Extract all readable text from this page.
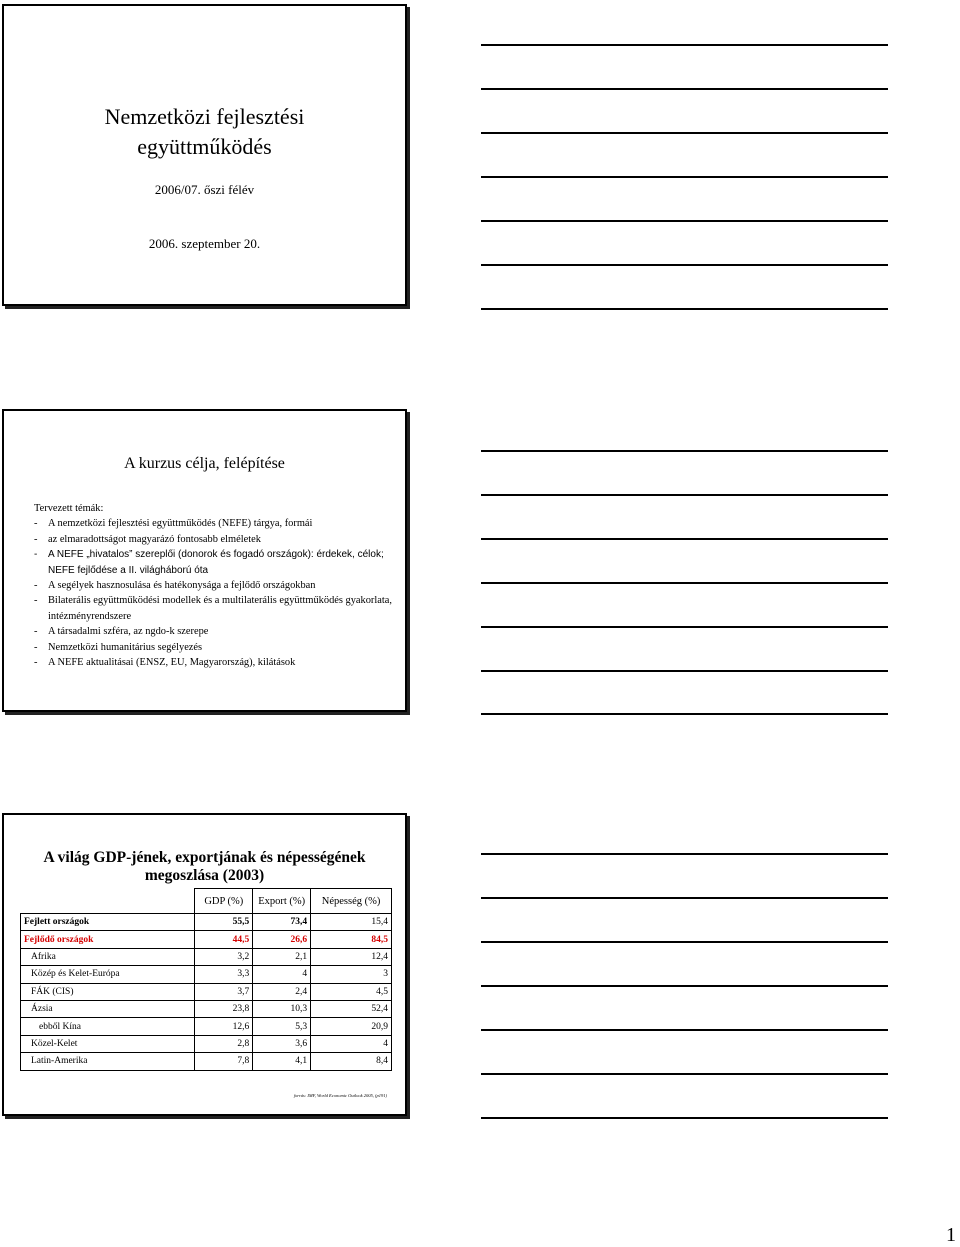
Nemzetközi fejlesztési
együttműködés
2006/07. őszi félév
2006. szeptember 20.
A kurzus célja, felépítése
Tervezett témák:
-	A nemzetközi fejlesztési együttműködés (NEFE) tárgya, formái
-	az elmaradottságot magyarázó fontosabb elméletek
-	A NEFE „hivatalos” szereplői (donorok és fogadó országok): érdekek, célok; NEFE fejlődése a II. világháború óta
-	A segélyek hasznosulása és hatékonysága a fejlődő országokban
-	Bilaterális együttműködési modellek és a multilaterális együttműködés gyakorlata, intézményrendszere
-	A társadalmi szféra, az ngdo-k szerepe
-	Nemzetközi humanitárius segélyezés
-	A NEFE aktualitásai (ENSZ, EU, Magyarország), kilátások
A világ GDP-jének, exportjának és népességének
megoszlása (2003)
	GDP (%)	Export (%)	Népesség (%)
Fejlett országok	55,5	73,4	15,4
Fejlődő országok	44,5	26,6	84,5
Afrika	3,2	2,1	12,4
Közép és Kelet-Európa	3,3	4	3
FÁK (CIS)	3,7	2,4	4,5
Ázsia	23,8	10,3	52,4
ebből Kína	12,6	5,3	20,9
Közel-Kelet	2,8	3,6	4
Latin-Amerika	7,8	4,1	8,4
forrás: IMF, World Economic Outlook 2005, (p191)
1
